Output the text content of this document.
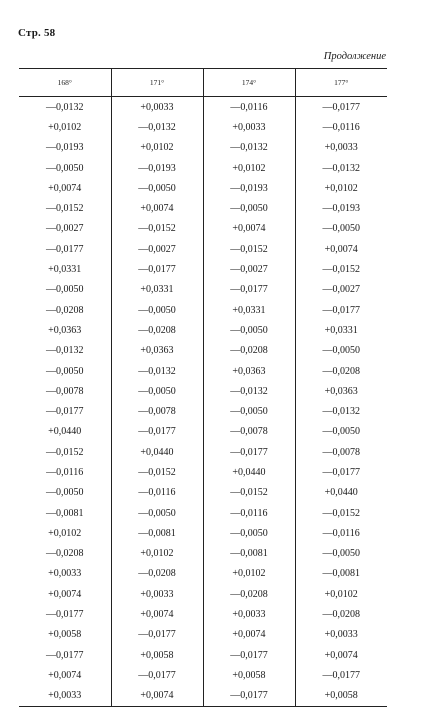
Стр. 58
Продолжение
168°	171°	174°	177°
—0,0132	+0,0033	—0,0116	—0,0177
+0,0102	—0,0132	+0,0033	—0,0116
—0,0193	+0,0102	—0,0132	+0,0033
—0,0050	—0,0193	+0,0102	—0,0132
+0,0074	—0,0050	—0,0193	+0,0102
—0,0152	+0,0074	—0,0050	—0,0193
—0,0027	—0,0152	+0,0074	—0,0050
—0,0177	—0,0027	—0,0152	+0,0074
+0,0331	—0,0177	—0,0027	—0,0152
—0,0050	+0,0331	—0,0177	—0,0027
—0,0208	—0,0050	+0,0331	—0,0177
+0,0363	—0,0208	—0,0050	+0,0331
—0,0132	+0,0363	—0,0208	—0,0050
—0,0050	—0,0132	+0,0363	—0,0208
—0,0078	—0,0050	—0,0132	+0,0363
—0,0177	—0,0078	—0,0050	—0,0132
+0,0440	—0,0177	—0,0078	—0,0050
—0,0152	+0,0440	—0,0177	—0,0078
—0,0116	—0,0152	+0,0440	—0,0177
—0,0050	—0,0116	—0,0152	+0,0440
—0,0081	—0,0050	—0,0116	—0,0152
+0,0102	—0,0081	—0,0050	—0,0116
—0,0208	+0,0102	—0,0081	—0,0050
+0,0033	—0,0208	+0,0102	—0,0081
+0,0074	+0,0033	—0,0208	+0,0102
—0,0177	+0,0074	+0,0033	—0,0208
+0,0058	—0,0177	+0,0074	+0,0033
—0,0177	+0,0058	—0,0177	+0,0074
+0,0074	—0,0177	+0,0058	—0,0177
+0,0033	+0,0074	—0,0177	+0,0058
